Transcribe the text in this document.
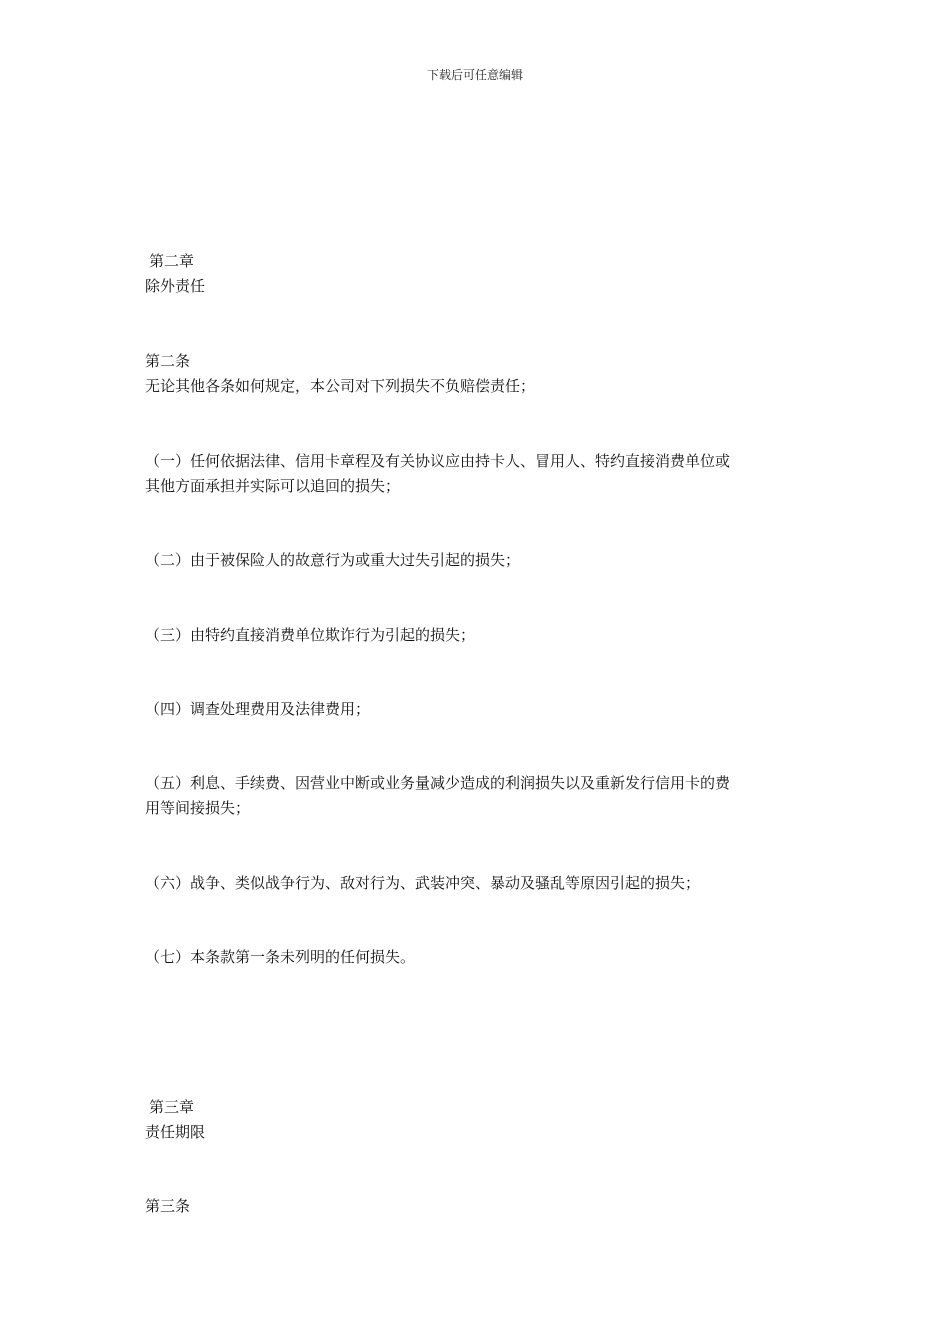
下载后可任意编辑
第二章
除外责任
第二条
无论其他各条如何规定，本公司对下列损失不负赔偿责任；
（一）任何依据法律、信用卡章程及有关协议应由持卡人、冒用人、特约直接消费单位或
其他方面承担并实际可以追回的损失；
（二）由于被保险人的故意行为或重大过失引起的损失；
（三）由特约直接消费单位欺诈行为引起的损失；
（四）调查处理费用及法律费用；
（五）利息、手续费、因营业中断或业务量减少造成的利润损失以及重新发行信用卡的费
用等间接损失；
（六）战争、类似战争行为、敌对行为、武装冲突、暴动及骚乱等原因引起的损失；
（七）本条款第一条未列明的任何损失。
第三章
责任期限
第三条
